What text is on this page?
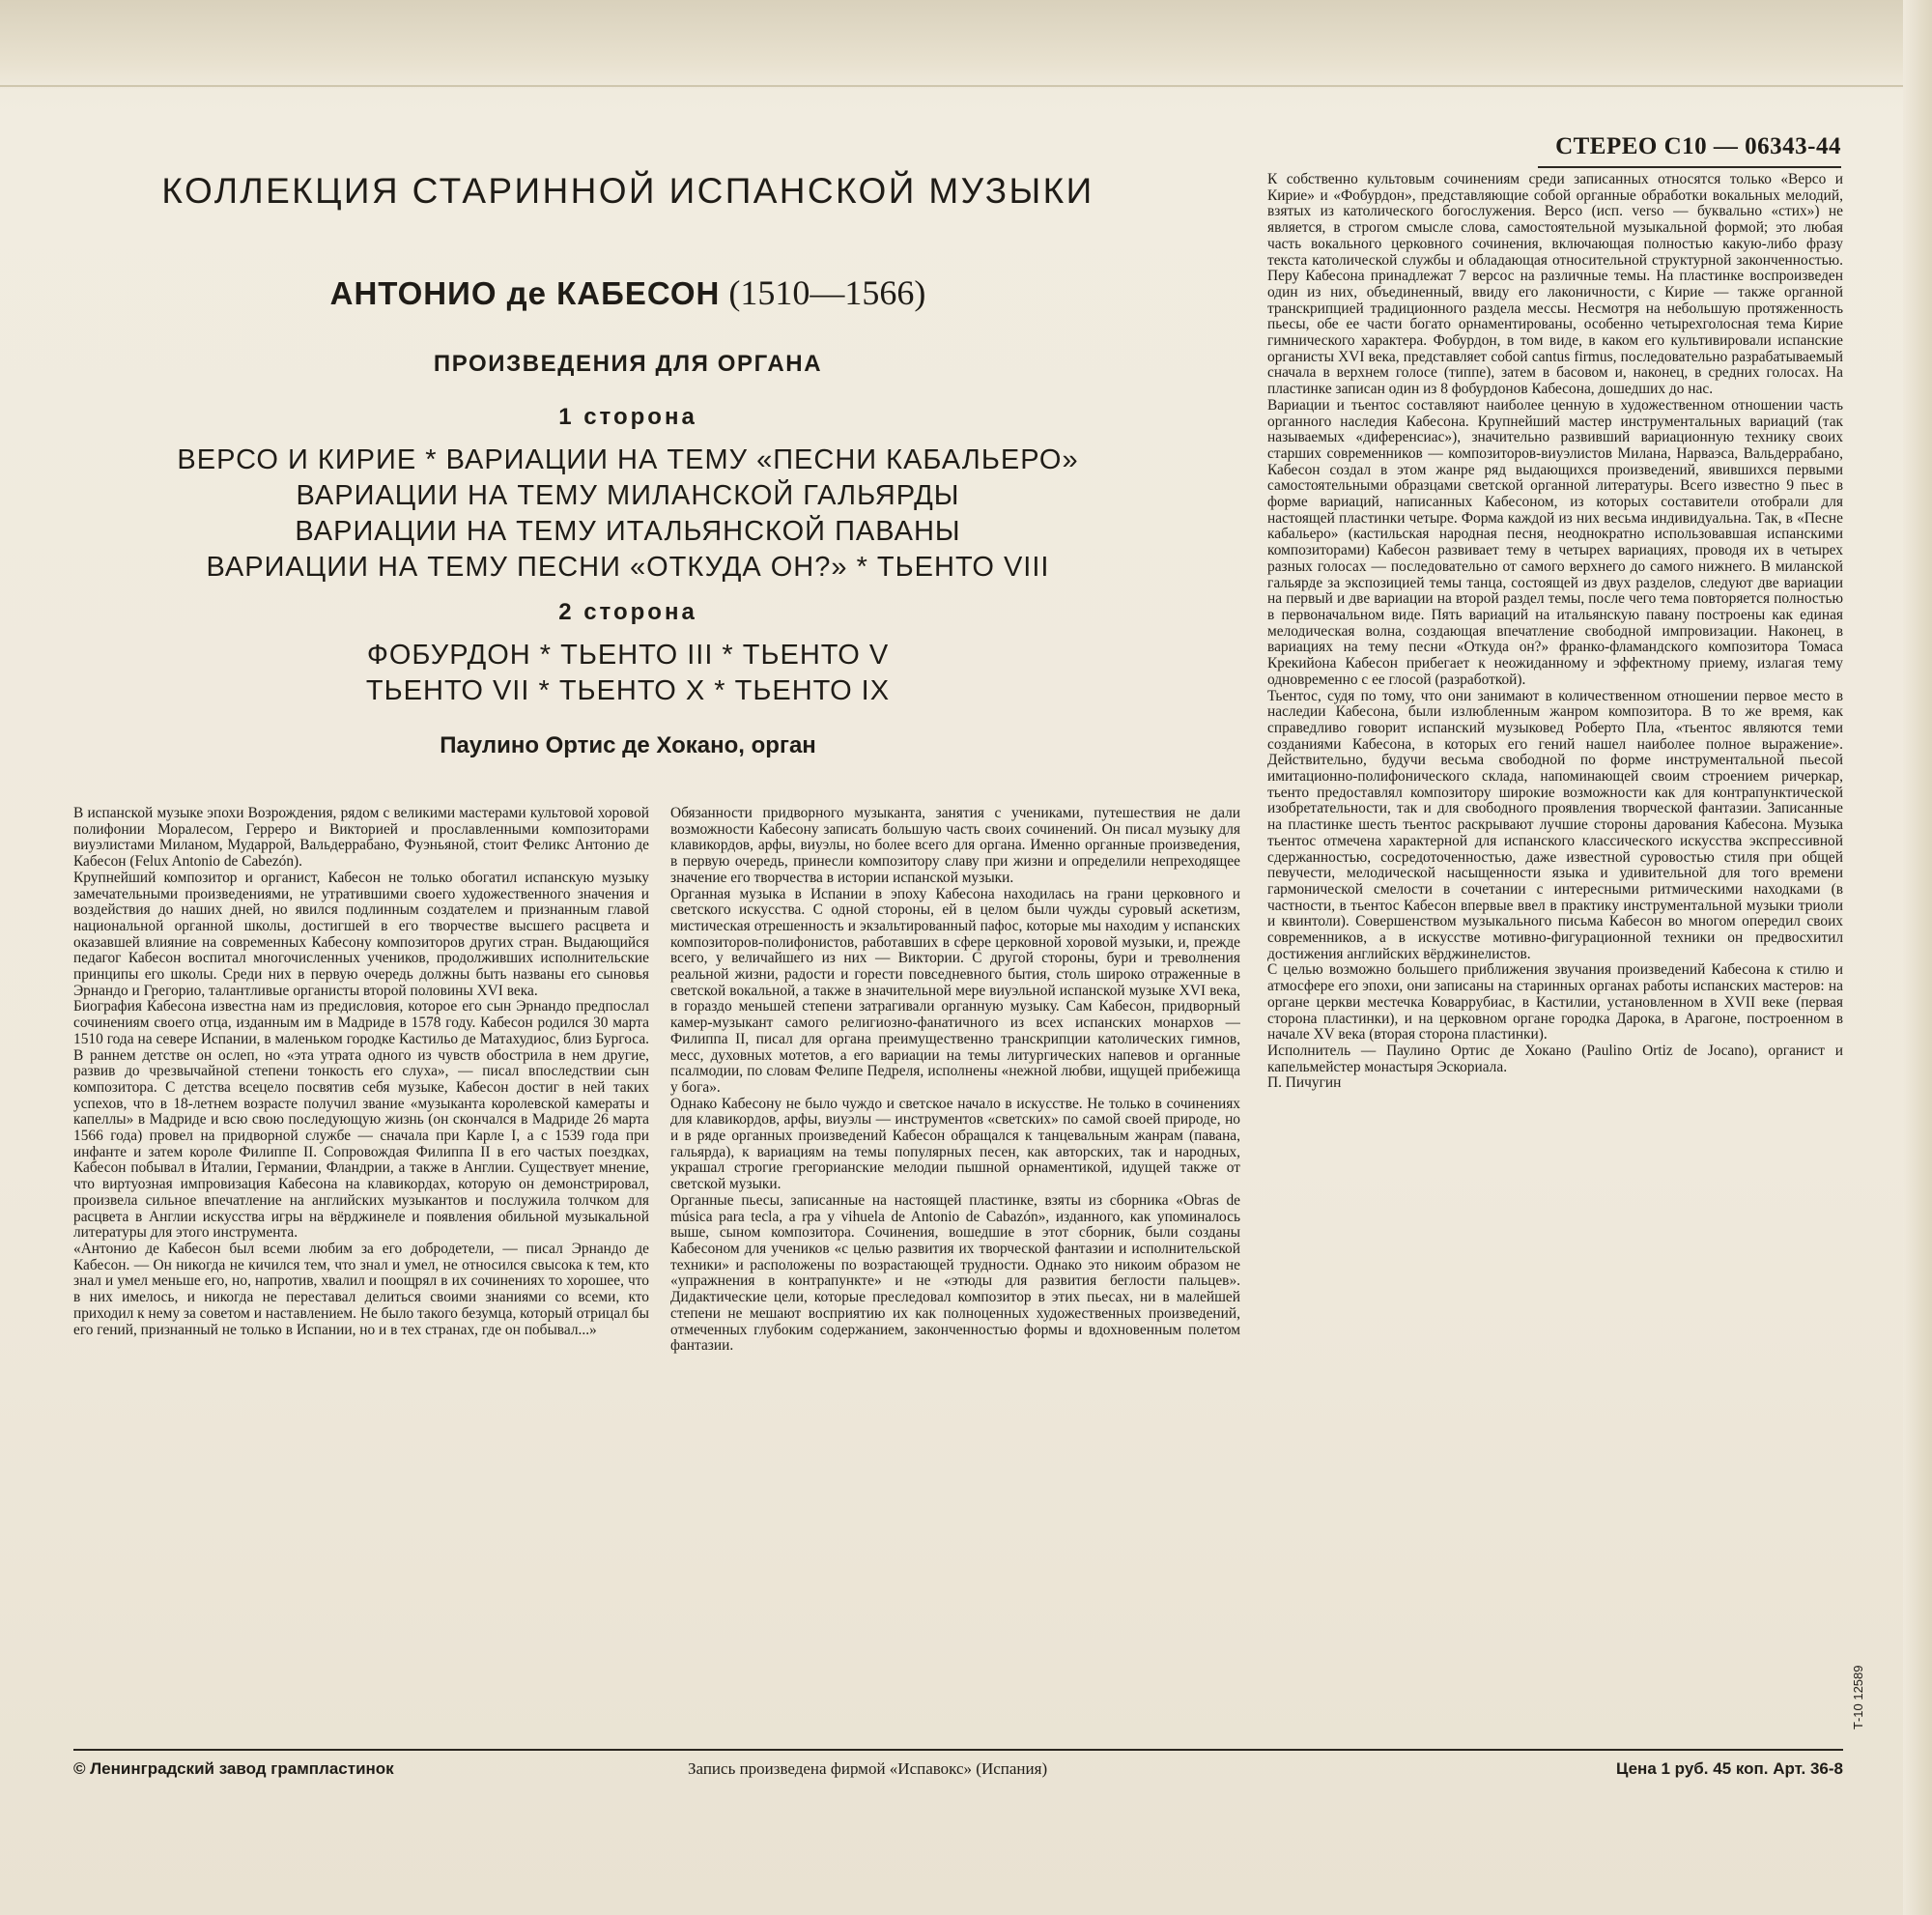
СТЕРЕО С10 — 06343-44
КОЛЛЕКЦИЯ СТАРИННОЙ ИСПАНСКОЙ МУЗЫКИ
АНТОНИО де КАБЕСОН (1510—1566)
ПРОИЗВЕДЕНИЯ ДЛЯ ОРГАНА
1 сторона
ВЕРСО И КИРИЕ * ВАРИАЦИИ НА ТЕМУ «ПЕСНИ КАБАЛЬЕРО»
ВАРИАЦИИ НА ТЕМУ МИЛАНСКОЙ ГАЛЬЯРДЫ
ВАРИАЦИИ НА ТЕМУ ИТАЛЬЯНСКОЙ ПАВАНЫ
ВАРИАЦИИ НА ТЕМУ ПЕСНИ «ОТКУДА ОН?» * ТЬЕНТО VIII
2 сторона
ФОБУРДОН * ТЬЕНТО III * ТЬЕНТО V
ТЬЕНТО VII * ТЬЕНТО X * ТЬЕНТО IX
Паулино Ортис де Хокано, орган
В испанской музыке эпохи Возрождения, рядом с великими мастерами культовой хоровой полифонии Моралесом, Герреро и Викторией и прославленными композиторами виуэлистами Миланом, Мударрой, Вальдеррабано, Фуэньяной, стоит Феликс Антонио де Кабесон (Felux Antonio de Cabezón).
Крупнейший композитор и органист, Кабесон не только обогатил испанскую музыку замечательными произведениями, не утратившими своего художественного значения и воздействия до наших дней, но явился подлинным создателем и признанным главой национальной органной школы, достигшей в его творчестве высшего расцвета и оказавшей влияние на современных Кабесону композиторов других стран. Выдающийся педагог Кабесон воспитал многочисленных учеников, продолживших исполнительские принципы его школы. Среди них в первую очередь должны быть названы его сыновья Эрнандо и Грегорио, талантливые органисты второй половины XVI века.
Биография Кабесона известна нам из предисловия, которое его сын Эрнандо предпослал сочинениям своего отца, изданным им в Мадриде в 1578 году. Кабесон родился 30 марта 1510 года на севере Испании, в маленьком городке Кастильо де Матахудиос, близ Бургоса. В раннем детстве он ослеп, но «эта утрата одного из чувств обострила в нем другие, развив до чрезвычайной степени тонкость его слуха», — писал впоследствии сын композитора. С детства всецело посвятив себя музыке, Кабесон достиг в ней таких успехов, что в 18-летнем возрасте получил звание «музыканта королевской камераты и капеллы» в Мадриде и всю свою последующую жизнь (он скончался в Мадриде 26 марта 1566 года) провел на придворной службе — сначала при Карле I, а с 1539 года при инфанте и затем короле Филиппе II. Сопровождая Филиппа II в его частых поездках, Кабесон побывал в Италии, Германии, Фландрии, а также в Англии. Существует мнение, что виртуозная импровизация Кабесона на клавикордах, которую он демонстрировал, произвела сильное впечатление на английских музыкантов и послужила толчком для расцвета в Англии искусства игры на вёрджинеле и появления обильной музыкальной литературы для этого инструмента.
«Антонио де Кабесон был всеми любим за его добродетели, — писал Эрнандо де Кабесон. — Он никогда не кичился тем, что знал и умел, не относился свысока к тем, кто знал и умел меньше его, но, напротив, хвалил и поощрял в их сочинениях то хорошее, что в них имелось, и никогда не переставал делиться своими знаниями со всеми, кто приходил к нему за советом и наставлением. Не было такого безумца, который отрицал бы его гений, признанный не только в Испании, но и в тех странах, где он побывал...»
Обязанности придворного музыканта, занятия с учениками, путешествия не дали возможности Кабесону записать большую часть своих сочинений. Он писал музыку для клавикордов, арфы, виуэлы, но более всего для органа. Именно органные произведения, в первую очередь, принесли композитору славу при жизни и определили непреходящее значение его творчества в истории испанской музыки.
Органная музыка в Испании в эпоху Кабесона находилась на грани церковного и светского искусства. С одной стороны, ей в целом были чужды суровый аскетизм, мистическая отрешенность и экзальтированный пафос, которые мы находим у испанских композиторов-полифонистов, работавших в сфере церковной хоровой музыки, и, прежде всего, у величайшего из них — Виктории. С другой стороны, бури и треволнения реальной жизни, радости и горести повседневного бытия, столь широко отраженные в светской вокальной, а также в значительной мере виуэльной испанской музыке XVI века, в гораздо меньшей степени затрагивали органную музыку. Сам Кабесон, придворный камер-музыкант самого религиозно-фанатичного из всех испанских монархов — Филиппа II, писал для органа преимущественно транскрипции католических гимнов, месс, духовных мотетов, а его вариации на темы литургических напевов и органные псалмодии, по словам Фелипе Педреля, исполнены «нежной любви, ищущей прибежища у бога».
Однако Кабесону не было чуждо и светское начало в искусстве. Не только в сочинениях для клавикордов, арфы, виуэлы — инструментов «светских» по самой своей природе, но и в ряде органных произведений Кабесон обращался к танцевальным жанрам (павана, гальярда), к вариациям на темы популярных песен, как авторских, так и народных, украшал строгие грегорианские мелодии пышной орнаментикой, идущей также от светской музыки.
Органные пьесы, записанные на настоящей пластинке, взяты из сборника «Obras de música para tecla, a rpa y vihuela de Antonio de Cabazón», изданного, как упоминалось выше, сыном композитора. Сочинения, вошедшие в этот сборник, были созданы Кабесоном для учеников «с целью развития их творческой фантазии и исполнительской техники» и расположены по возрастающей трудности. Однако это никоим образом не «упражнения в контрапункте» и не «этюды для развития беглости пальцев». Дидактические цели, которые преследовал композитор в этих пьесах, ни в малейшей степени не мешают восприятию их как полноценных художественных произведений, отмеченных глубоким содержанием, законченностью формы и вдохновенным полетом фантазии.
К собственно культовым сочинениям среди записанных относятся только «Версо и Кирие» и «Фобурдон», представляющие собой органные обработки вокальных мелодий, взятых из католического богослужения. Версо (исп. verso — буквально «стих») не является, в строгом смысле слова, самостоятельной музыкальной формой; это любая часть вокального церковного сочинения, включающая полностью какую-либо фразу текста католической службы и обладающая относительной структурной законченностью. Перу Кабесона принадлежат 7 версос на различные темы. На пластинке воспроизведен один из них, объединенный, ввиду его лаконичности, с Кирие — также органной транскрипцией традиционного раздела мессы. Несмотря на небольшую протяженность пьесы, обе ее части богато орнаментированы, особенно четырехголосная тема Кирие гимнического характера. Фобурдон, в том виде, в каком его культивировали испанские органисты XVI века, представляет собой cantus firmus, последовательно разрабатываемый сначала в верхнем голосе (типпе), затем в басовом и, наконец, в средних голосах. На пластинке записан один из 8 фобурдонов Кабесона, дошедших до нас.
Вариации и тьентос составляют наиболее ценную в художественном отношении часть органного наследия Кабесона. Крупнейший мастер инструментальных вариаций (так называемых «диференсиас»), значительно развивший вариационную технику своих старших современников — композиторов-виуэлистов Милана, Нарваэса, Вальдеррабано, Кабесон создал в этом жанре ряд выдающихся произведений, явившихся первыми самостоятельными образцами светской органной литературы. Всего известно 9 пьес в форме вариаций, написанных Кабесоном, из которых составители отобрали для настоящей пластинки четыре. Форма каждой из них весьма индивидуальна. Так, в «Песне кабальеро» (кастильская народная песня, неоднократно использовавшая испанскими композиторами) Кабесон развивает тему в четырех вариациях, проводя их в четырех разных голосах — последовательно от самого верхнего до самого нижнего. В миланской гальярде за экспозицией темы танца, состоящей из двух разделов, следуют две вариации на первый и две вариации на второй раздел темы, после чего тема повторяется полностью в первоначальном виде. Пять вариаций на итальянскую павану построены как единая мелодическая волна, создающая впечатление свободной импровизации. Наконец, в вариациях на тему песни «Откуда он?» франко-фламандского композитора Томаса Крекийона Кабесон прибегает к неожиданному и эффектному приему, излагая тему одновременно с ее глосой (разработкой).
Тьентос, судя по тому, что они занимают в количественном отношении первое место в наследии Кабесона, были излюбленным жанром композитора. В то же время, как справедливо говорит испанский музыковед Роберто Пла, «тьентос являются теми созданиями Кабесона, в которых его гений нашел наиболее полное выражение». Действительно, будучи весьма свободной по форме инструментальной пьесой имитационно-полифонического склада, напоминающей своим строением ричеркар, тьенто предоставлял композитору широкие возможности как для контрапунктической изобретательности, так и для свободного проявления творческой фантазии. Записанные на пластинке шесть тьентос раскрывают лучшие стороны дарования Кабесона. Музыка тьентос отмечена характерной для испанского классического искусства экспрессивной сдержанностью, сосредоточенностью, даже известной суровостью стиля при общей певучести, мелодической насыщенности языка и удивительной для того времени гармонической смелости в сочетании с интересными ритмическими находками (в частности, в тьентос Кабесон впервые ввел в практику инструментальной музыки триоли и квинтоли). Совершенством музыкального письма Кабесон во многом опередил своих современников, а в искусстве мотивно-фигурационной техники он предвосхитил достижения английских вёрджинелистов.
С целью возможно большего приближения звучания произведений Кабесона к стилю и атмосфере его эпохи, они записаны на старинных органах работы испанских мастеров: на органе церкви местечка Коваррубиас, в Кастилии, установленном в XVII веке (первая сторона пластинки), и на церковном органе городка Дарока, в Арагоне, построенном в начале XV века (вторая сторона пластинки).
Исполнитель — Паулино Ортис де Хокано (Paulino Ortiz de Jocano), органист и капельмейстер монастыря Эскориала.
П. Пичугин
© Ленинградский завод грампластинок	Запись произведена фирмой «Испавокс» (Испания)	Цена 1 руб. 45 коп. Арт. 36-8
Т-10 12589
